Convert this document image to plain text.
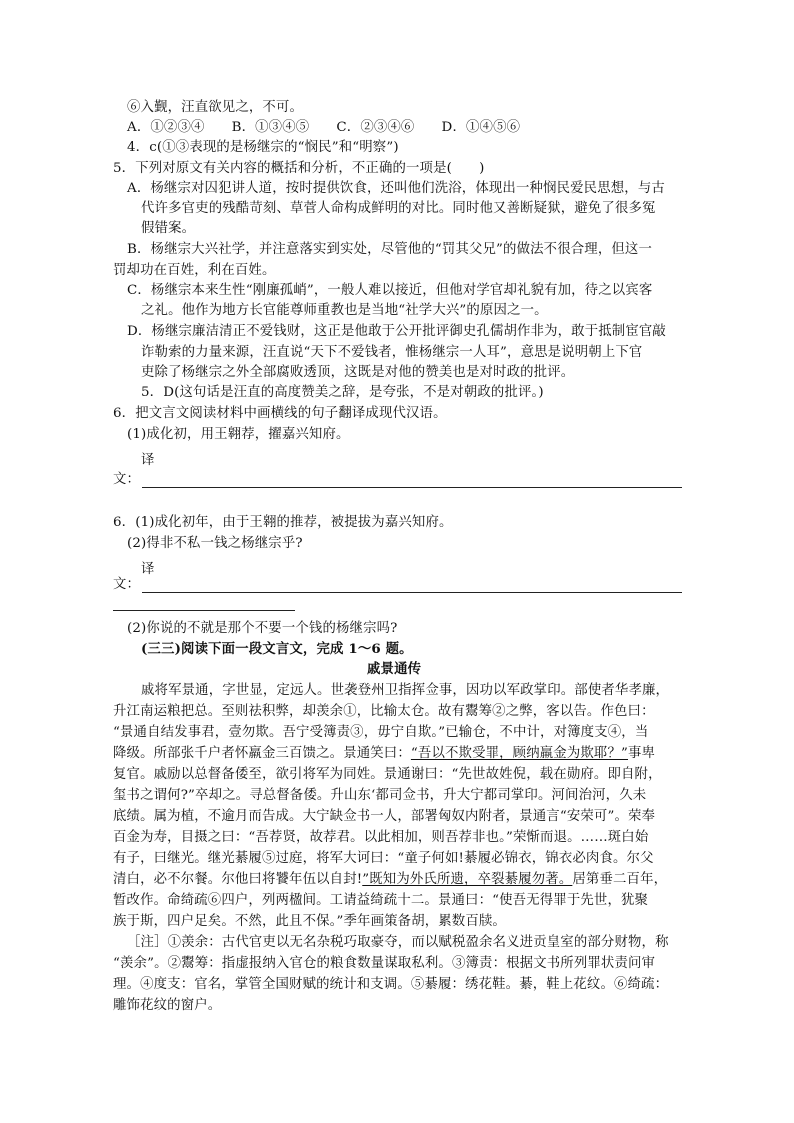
⑥入觐，汪直欲见之，不可。
A．①②③④　　B．①③④⑤　　C．②③④⑥　　D．①④⑤⑥
4．c(①③表现的是杨继宗的“悯民”和“明察”)
5．下列对原文有关内容的概括和分析，不正确的一项是(　　)
A．杨继宗对囚犯讲人道，按时提供饮食，还叫他们洗浴，体现出一种悯民爱民思想，与古
代许多官吏的残酷苛刻、草菅人命构成鲜明的对比。同时他又善断疑狱，避免了很多冤
假错案。
B．杨继宗大兴社学，并注意落实到实处，尽管他的“罚其父兄”的做法不很合理，但这一
罚却功在百姓，利在百姓。
C．杨继宗本来生性“刚廉孤峭”，一般人难以接近，但他对学官却礼貌有加，待之以宾客
之礼。他作为地方长官能尊师重教也是当地“社学大兴”的原因之一。
D．杨继宗廉洁清正不爱钱财，这正是他敢于公开批评御史孔儒胡作非为，敢于抵制宦官敲
诈勒索的力量来源，汪直说“天下不爱钱者，惟杨继宗一人耳”，意思是说明朝上下官
吏除了杨继宗之外全部腐败透顶，这既是对他的赞美也是对时政的批评。
5．D(这句话是汪直的高度赞美之辞，是夸张，不是对朝政的批评。)
6．把文言文阅读材料中画横线的句子翻译成现代汉语。
(1)成化初，用王翱荐，擢嘉兴知府。
译
文：
6．(1)成化初年，由于王翱的推荐，被提拔为嘉兴知府。
(2)得非不私一钱之杨继宗乎?
译
文：
(2)你说的不就是那个不要一个钱的杨继宗吗?
(三三)阅读下面一段文言文，完成 1～6 题。
戚景通传
戚将军景通，字世显，定远人。世袭登州卫指挥佥事，因功以军政掌印。部使者华孝廉，
升江南运粮把总。至则祛积弊，却羡余①，比输太仓。故有鬻筹②之弊，客以告。作色曰：
“景通自结发事君，壹勿欺。吾宁受簿责③，毋宁自欺。”已输仓，不中计，对簿度支④，当
降级。所部张千户者怀羸金三百馈之。景通笑曰：“吾以不欺受罪，顾纳羸金为欺耶？”事卑
复官。戚励以总督备倭至，欲引将军为同姓。景通谢曰：“先世故姓倪，载在勋府。即自附，
玺书之谓何?”卒却之。寻总督备倭。升山东‘都司佥书，升大宁都司掌印。河间治河，久未
底绩。属为植，不逾月而告成。大宁缺佥书一人，部署匈奴内附者，景通言“安荣可”。荣奉
百金为寿，目摄之曰：“吾荐贤，故荐君。以此相加，则吾荐非也。”荣惭而退。……斑白始
有子，曰继光。继光綦履⑤过庭，将军大诃曰：“童子何如!綦履必锦衣，锦衣必肉食。尔父
清白，必不尔餐。尔他曰将饕年伍以自封!”既知为外氏所遗，卒裂綦履勿著。居第垂二百年，
暂改作。命绮疏⑥四户，列两楹间。工请益绮疏十二。景通曰：“使吾无得罪于先世，犹聚
族于斯，四户足矣。不然，此且不保。”季年画策备胡，累数百牍。
［注］①羡余：古代官吏以无名杂税巧取豪夺，而以赋税盈余名义进贡皇室的部分财物，称
“羡余”。②鬻筹：指虚报纳入官仓的粮食数量谋取私利。③簿责：根据文书所列罪状责问审
理。④度支：官名，掌管全国财赋的统计和支调。⑤綦履：绣花鞋。綦，鞋上花纹。⑥绮疏：
雕饰花纹的窗户。
